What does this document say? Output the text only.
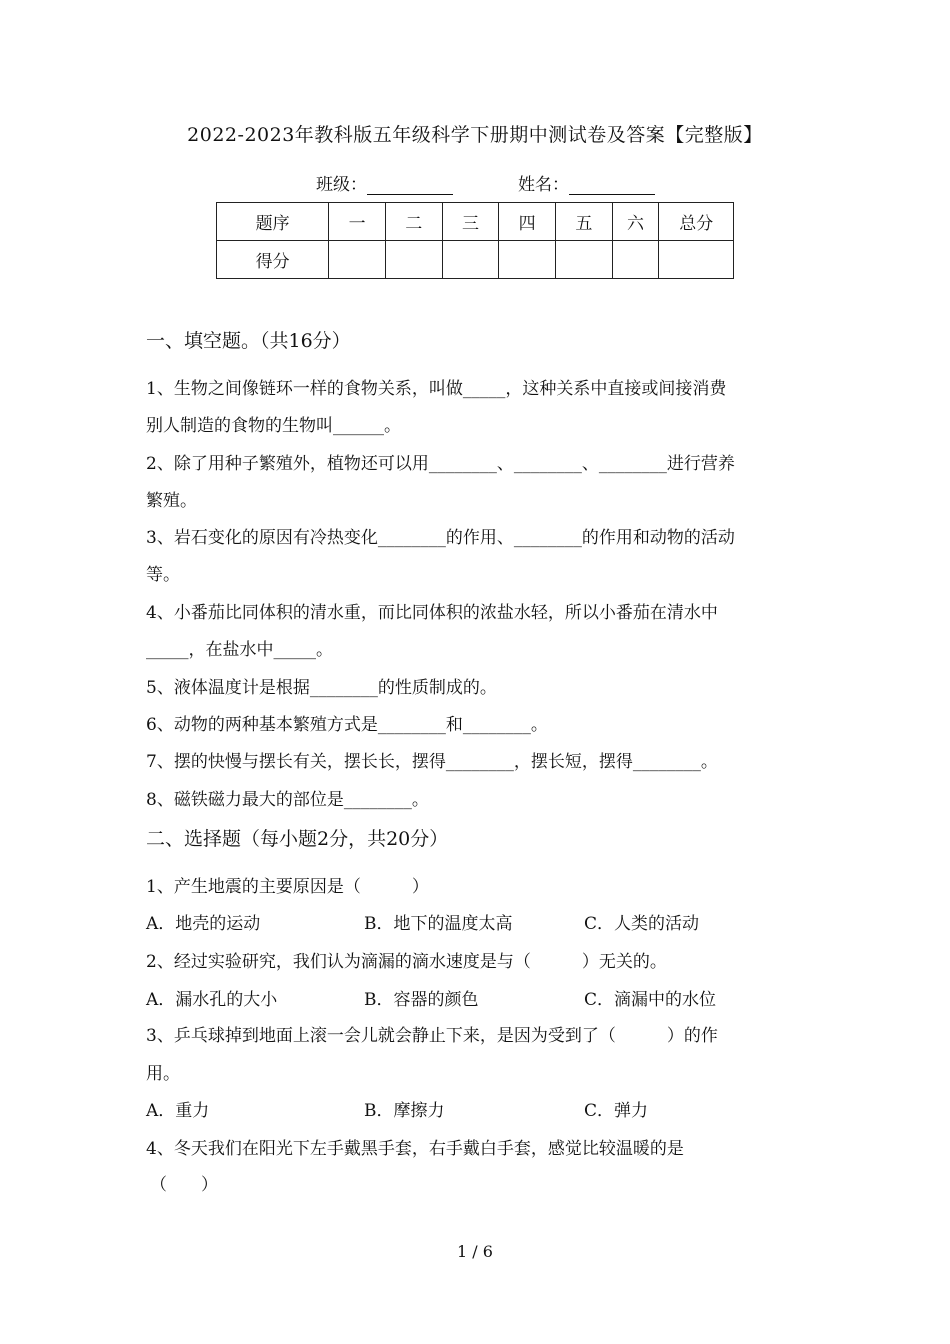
2022-2023年教科版五年级科学下册期中测试卷及答案【完整版】
班级：	姓名：
题序	一	二	三	四	五	六	总分
得分							
一、填空题。（共16分）
1、生物之间像链环一样的食物关系，叫做_____，这种关系中直接或间接消费
别人制造的食物的生物叫______。
2、除了用种子繁殖外，植物还可以用________、________、________进行营养
繁殖。
3、岩石变化的原因有冷热变化________的作用、________的作用和动物的活动
等。
4、小番茄比同体积的清水重，而比同体积的浓盐水轻，所以小番茄在清水中
_____，在盐水中_____。
5、液体温度计是根据________的性质制成的。
6、动物的两种基本繁殖方式是________和________。
7、摆的快慢与摆长有关，摆长长，摆得________，摆长短，摆得________。
8、磁铁磁力最大的部位是________。
二、选择题（每小题2分，共20分）
1、产生地震的主要原因是（　　　）
A．地壳的运动	B．地下的温度太高	C．人类的活动
2、经过实验研究，我们认为滴漏的滴水速度是与（　　　）无关的。
A．漏水孔的大小	B．容器的颜色	C．滴漏中的水位
3、乒乓球掉到地面上滚一会儿就会静止下来，是因为受到了（　　　）的作
用。
A．重力	B．摩擦力	C．弹力
4、冬天我们在阳光下左手戴黑手套，右手戴白手套，感觉比较温暖的是
（　　）
1 / 6
